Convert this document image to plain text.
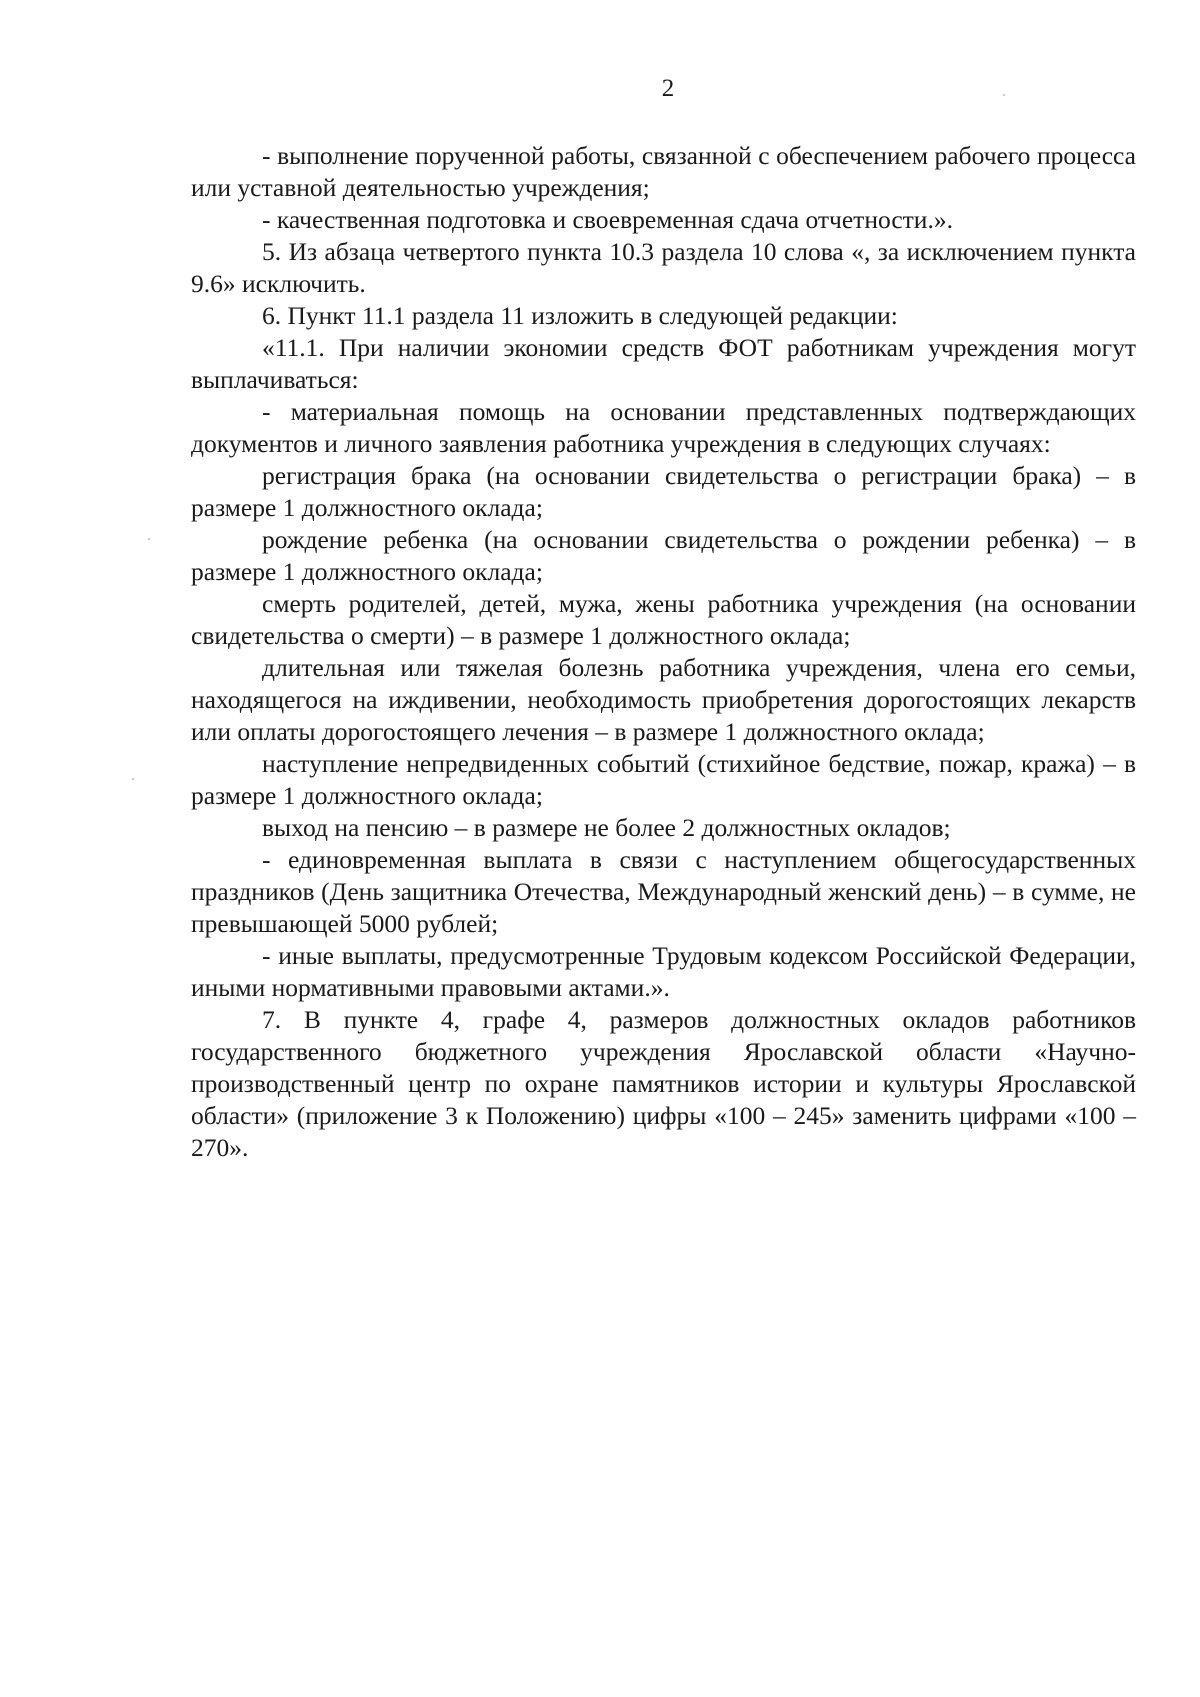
2

- выполнение порученной работы, связанной с обеспечением рабочего процесса или уставной деятельностью учреждения;

- качественная подготовка и своевременная сдача отчетности.».

5. Из абзаца четвертого пункта 10.3 раздела 10 слова «, за исключением пункта 9.6» исключить.

6. Пункт 11.1 раздела 11 изложить в следующей редакции:

«11.1. При наличии экономии средств ФОТ работникам учреждения могут выплачиваться:

- материальная помощь на основании представленных подтверждающих документов и личного заявления работника учреждения в следующих случаях:

регистрация брака (на основании свидетельства о регистрации брака) – в размере 1 должностного оклада;

рождение ребенка (на основании свидетельства о рождении ребенка) – в размере 1 должностного оклада;

смерть родителей, детей, мужа, жены работника учреждения (на основании свидетельства о смерти) – в размере 1 должностного оклада;

длительная или тяжелая болезнь работника учреждения, члена его семьи, находящегося на иждивении, необходимость приобретения дорогостоящих лекарств или оплаты дорогостоящего лечения – в размере 1 должностного оклада;

наступление непредвиденных событий (стихийное бедствие, пожар, кража) – в размере 1 должностного оклада;

выход на пенсию – в размере не более 2 должностных окладов;

- единовременная выплата в связи с наступлением общегосударственных праздников (День защитника Отечества, Международный женский день) – в сумме, не превышающей 5000 рублей;

- иные выплаты, предусмотренные Трудовым кодексом Российской Федерации, иными нормативными правовыми актами.».

7. В пункте 4, графе 4, размеров должностных окладов работников государственного бюджетного учреждения Ярославской области «Научно-производственный центр по охране памятников истории и культуры Ярославской области» (приложение 3 к Положению) цифры «100 – 245» заменить цифрами «100 – 270».
